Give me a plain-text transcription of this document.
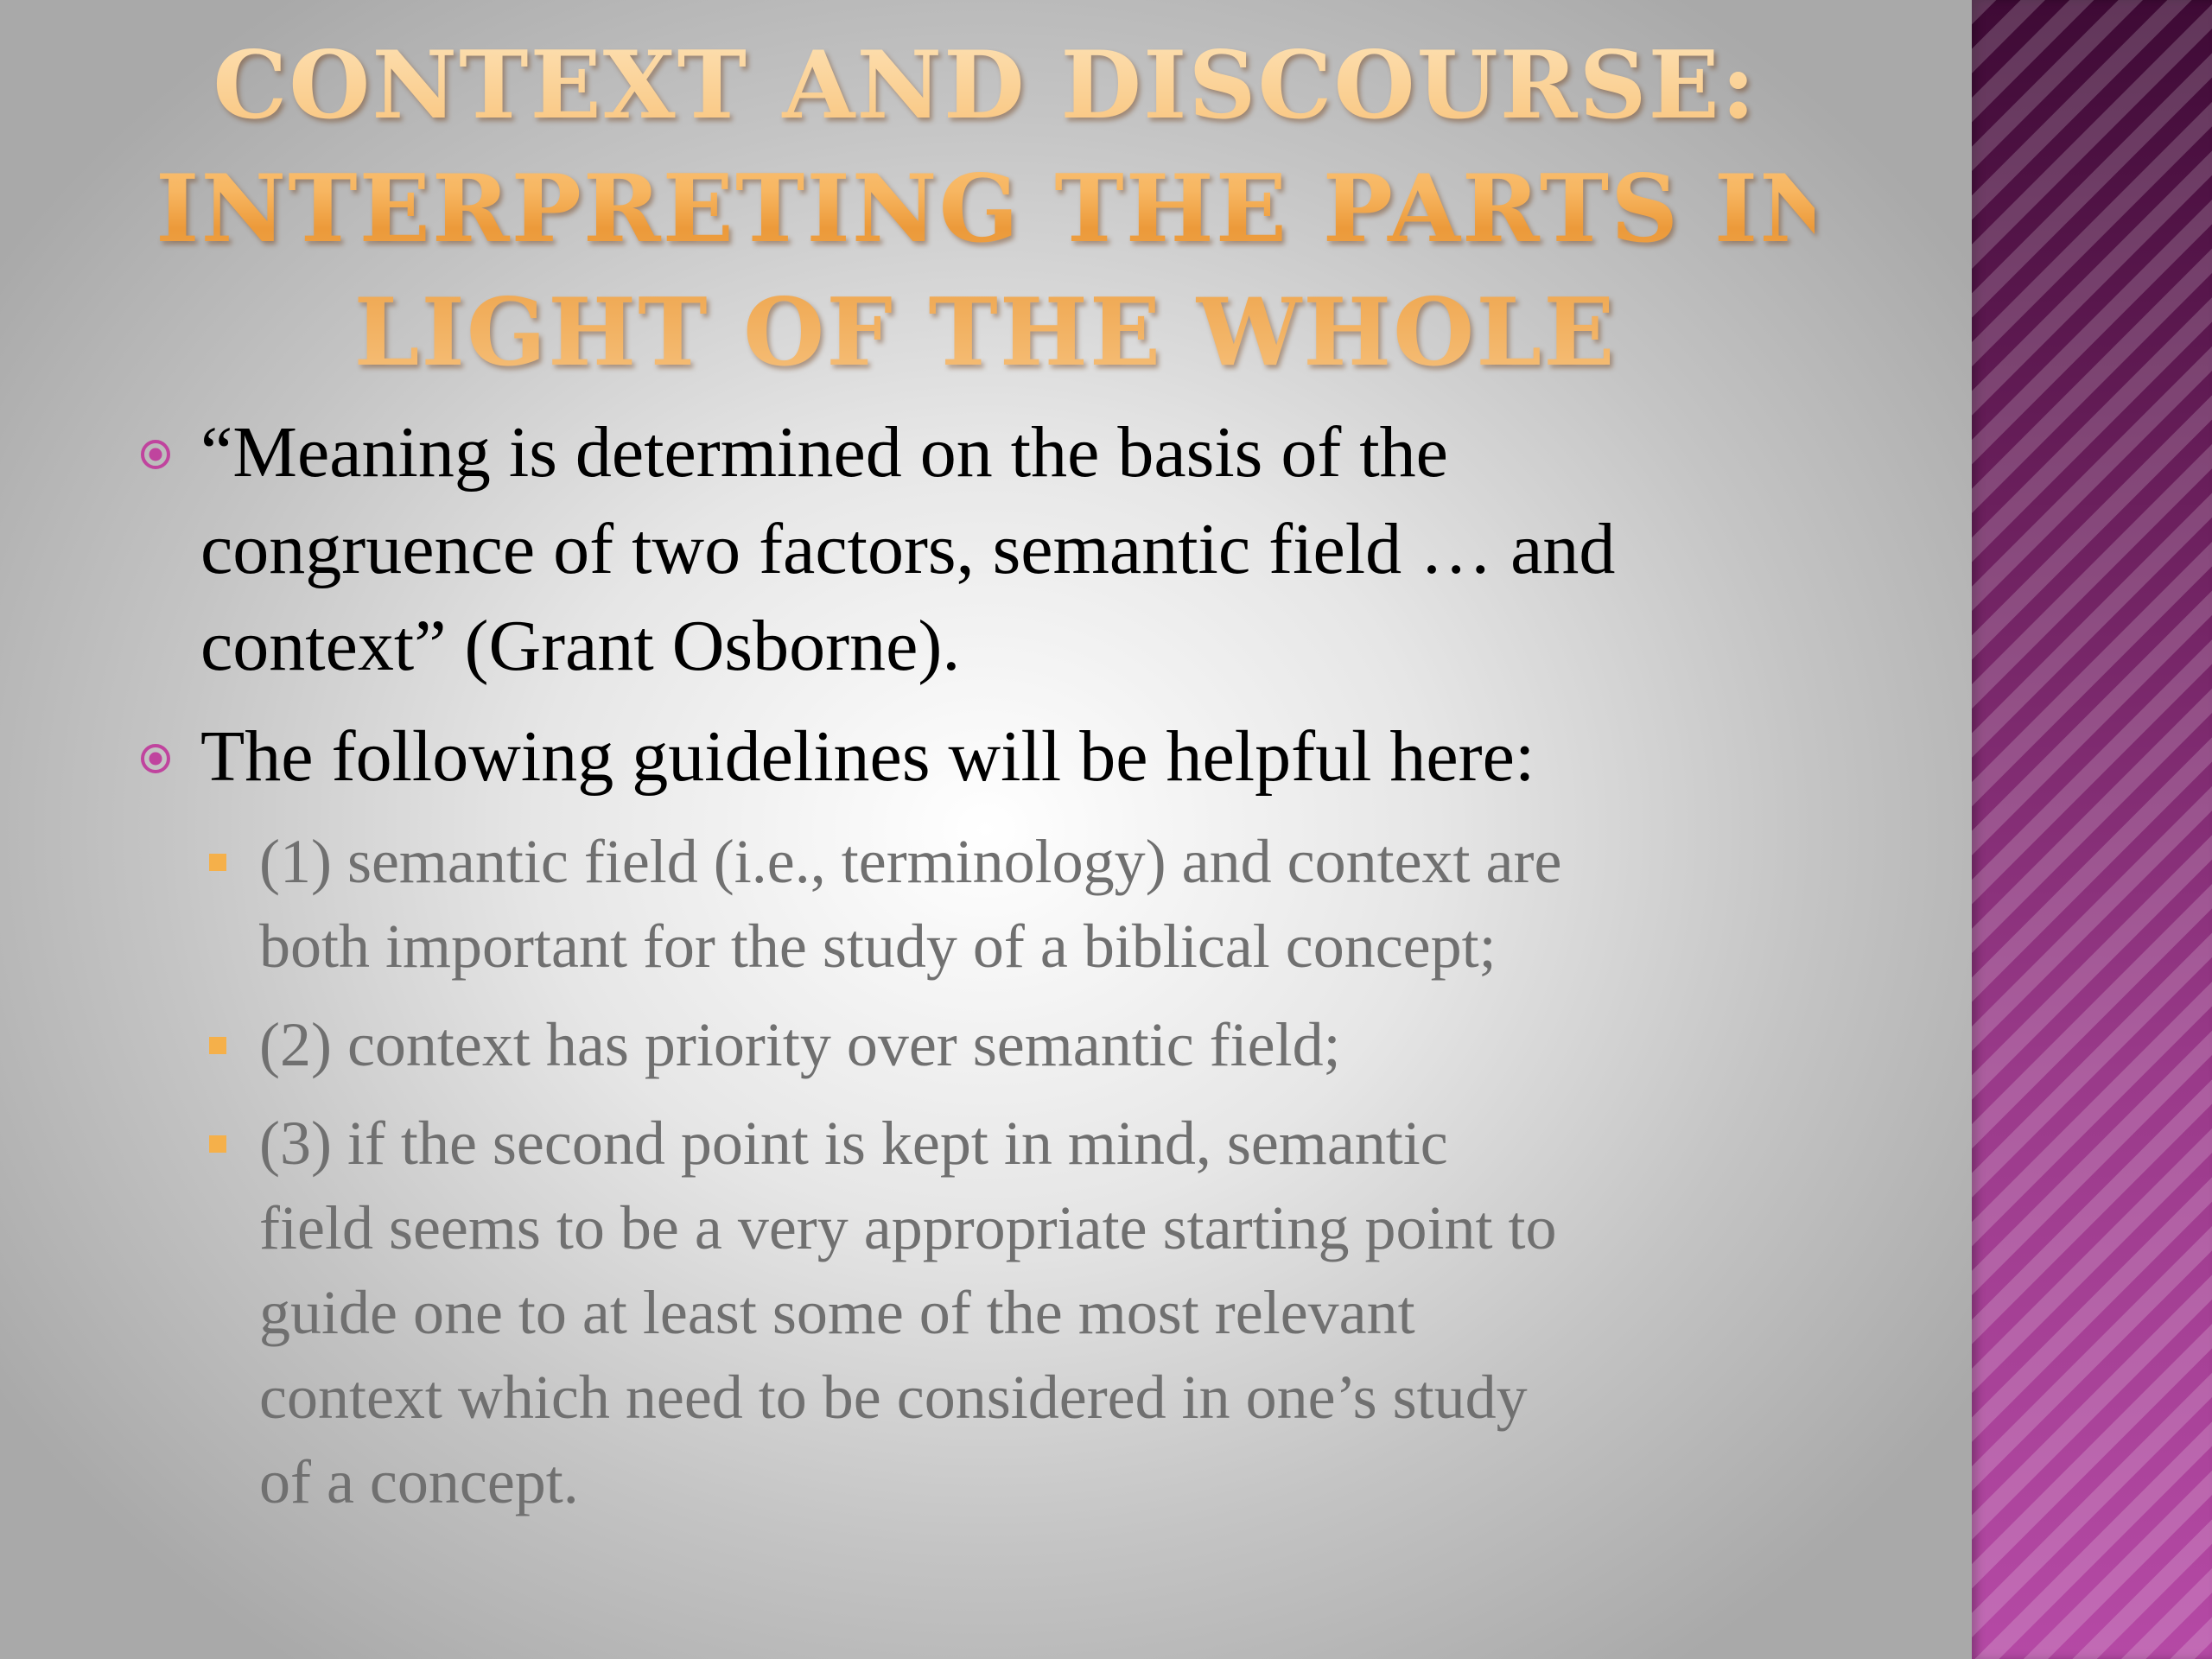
CONTEXT AND DISCOURSE:
INTERPRETING THE PARTS IN
LIGHT OF THE WHOLE
“Meaning is determined on the basis of the
congruence of two factors, semantic field … and
context” (Grant Osborne).
The following guidelines will be helpful here:
(1) semantic field (i.e., terminology) and context are
both important for the study of a biblical concept;
(2) context has priority over semantic field;
(3) if the second point is kept in mind, semantic
field seems to be a very appropriate starting point to
guide one to at least some of the most relevant
context which need to be considered in one’s study
of a concept.
